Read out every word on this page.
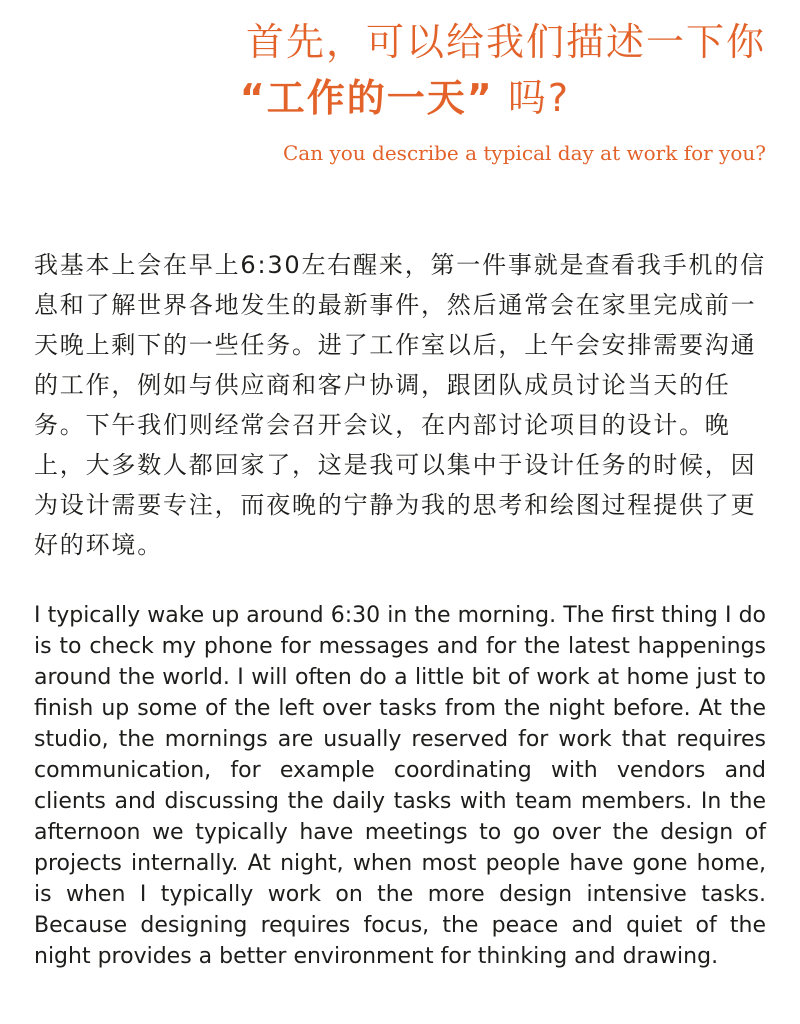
首先，可以给我们描述一下你
“工作的一天” 吗?
Can you describe a typical day at work for you?

我基本上会在早上6:30左右醒来，第一件事就是查看我手机的信息和了解世界各地发生的最新事件，然后通常会在家里完成前一天晚上剩下的一些任务。进了工作室以后，上午会安排需要沟通的工作，例如与供应商和客户协调，跟团队成员讨论当天的任务。下午我们则经常会召开会议，在内部讨论项目的设计。晚上，大多数人都回家了，这是我可以集中于设计任务的时候，因为设计需要专注，而夜晚的宁静为我的思考和绘图过程提供了更好的环境。

I typically wake up around 6:30 in the morning. The first thing I do is to check my phone for messages and for the latest happenings around the world. I will often do a little bit of work at home just to finish up some of the left over tasks from the night before. At the studio, the mornings are usually reserved for work that requires communication, for example coordinating with vendors and clients and discussing the daily tasks with team members. In the afternoon we typically have meetings to go over the design of projects internally. At night, when most people have gone home, is when I typically work on the more design intensive tasks. Because designing requires focus, the peace and quiet of the night provides a better environment for thinking and drawing.
